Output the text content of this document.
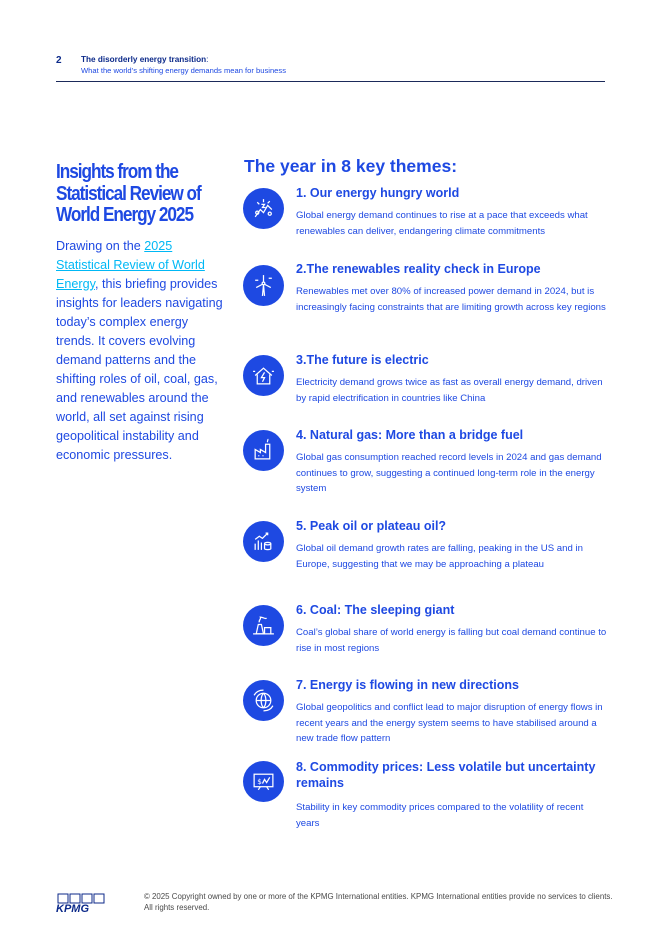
2 The disorderly energy transition:
What the world’s shifting energy demands mean for business
Insights from the
Statistical Review of
World Energy 2025
Drawing on the 2025 Statistical Review of World Energy, this briefing provides insights for leaders navigating today’s complex energy trends. It covers evolving demand patterns and the shifting roles of oil, coal, gas, and renewables around the world, all set against rising geopolitical instability and economic pressures.
The year in 8 key themes:
1. Our energy hungry world
Global energy demand continues to rise at a pace that exceeds what renewables can deliver, endangering climate commitments
2.The renewables reality check in Europe
Renewables met over 80% of increased power demand in 2024, but is increasingly facing constraints that are limiting growth across key regions
3.The future is electric
Electricity demand grows twice as fast as overall energy demand, driven by rapid electrification in countries like China
4. Natural gas: More than a bridge fuel
Global gas consumption reached record levels in 2024 and gas demand continues to grow, suggesting a continued long-term role in the energy system
5. Peak oil or plateau oil?
Global oil demand growth rates are falling, peaking in the US and in Europe, suggesting that we may be approaching a plateau
6. Coal: The sleeping giant
Coal’s global share of world energy is falling but coal demand continue to rise in most regions
7. Energy is flowing in new directions
Global geopolitics and conflict lead to major disruption of energy flows in recent years and the energy system seems to have stabilised around a new trade flow pattern
$
8. Commodity prices: Less volatile but uncertainty remains
Stability in key commodity prices compared to the volatility of recent years
KPMG
© 2025 Copyright owned by one or more of the KPMG International entities. KPMG International entities provide no services to clients. All rights reserved.
